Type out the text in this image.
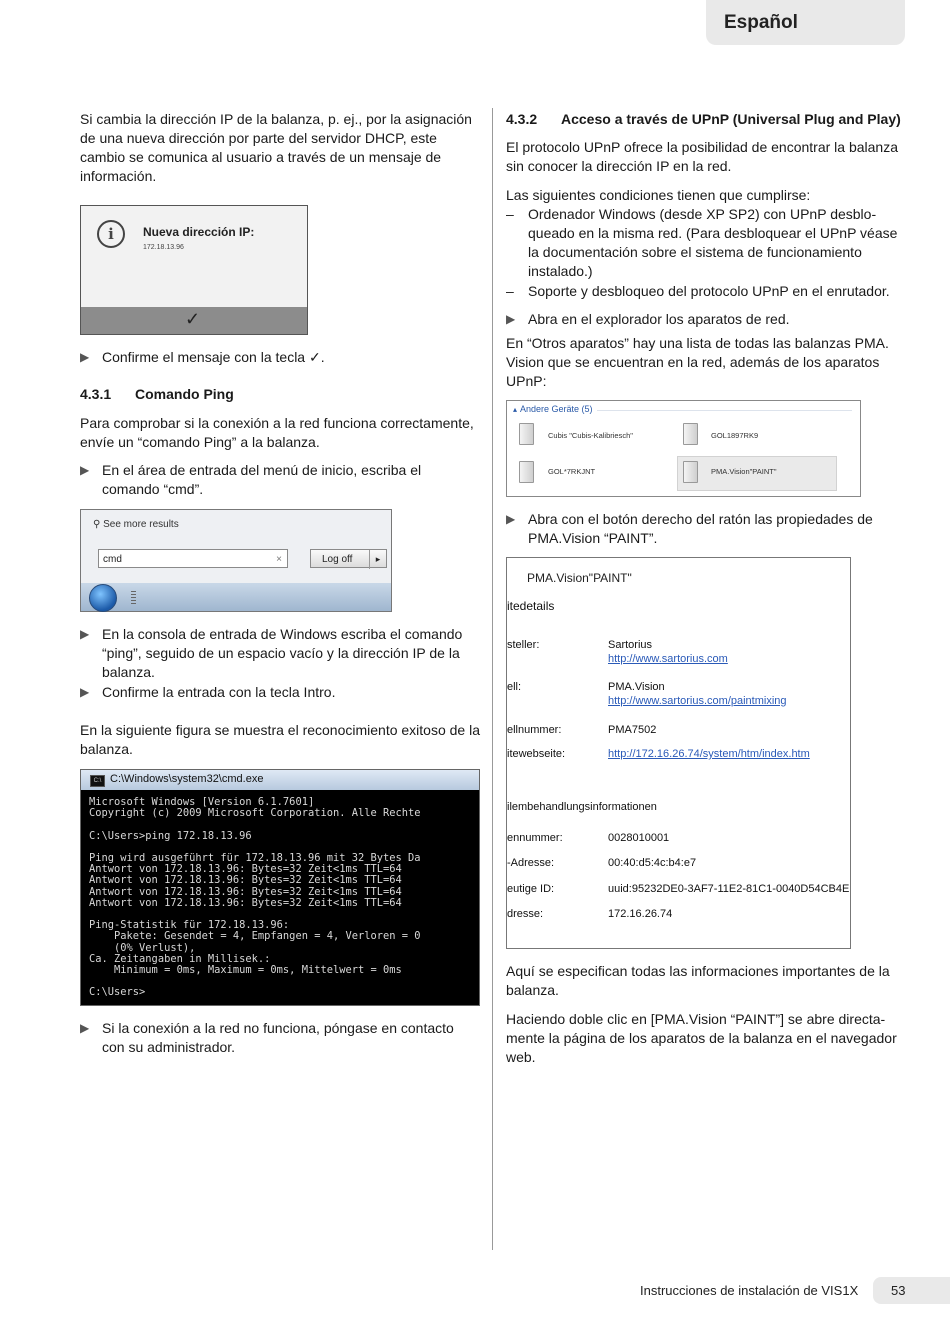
Español
Si cambia la dirección IP de la balanza, p. ej., por la asignación de una nueva dirección por parte del servidor DHCP, este cambio se comunica al usuario a través de un mensaje de información.
i	Nueva dirección IP:
172.18.13.96
✓
▶ Confirme el mensaje con la tecla ✓.
4.3.1 Comando Ping
Para comprobar si la conexión a la red funciona correctamente, envíe un “comando Ping” a la balanza.
▶ En el área de entrada del menú de inicio, escriba el
comando “cmd”.
⚲ See more results
cmd	×	Log off	▸
▶ En la consola de entrada de Windows escriba el comando
“ping”, seguido de un espacio vacío y la dirección IP de la
balanza.
▶ Confirme la entrada con la tecla Intro.
En la siguiente figura se muestra el reconocimiento exitoso de la balanza.
C:\ C:\Windows\system32\cmd.exe
Microsoft Windows [Version 6.1.7601]
Copyright (c) 2009 Microsoft Corporation. Alle Rechte

C:\Users>ping 172.18.13.96

Ping wird ausgeführt für 172.18.13.96 mit 32 Bytes Da
Antwort von 172.18.13.96: Bytes=32 Zeit<1ms TTL=64
Antwort von 172.18.13.96: Bytes=32 Zeit<1ms TTL=64
Antwort von 172.18.13.96: Bytes=32 Zeit<1ms TTL=64
Antwort von 172.18.13.96: Bytes=32 Zeit<1ms TTL=64

Ping-Statistik für 172.18.13.96:
Pakete: Gesendet = 4, Empfangen = 4, Verloren = 0
(0% Verlust),
Ca. Zeitangaben in Millisek.:
Minimum = 0ms, Maximum = 0ms, Mittelwert = 0ms

C:\Users>
▶ Si la conexión a la red no funciona, póngase en contacto
con su administrador.
4.3.2 Acceso a través de UPnP (Universal Plug and Play)
El protocolo UPnP ofrece la posibilidad de encontrar la balanza sin conocer la dirección IP en la red.
Las siguientes condiciones tienen que cumplirse:
– Ordenador Windows (desde XP SP2) con UPnP desblo-
queado en la misma red. (Para desbloquear el UPnP véase
la documentación sobre el sistema de funcionamiento
instalado.)
– Soporte y desbloqueo del protocolo UPnP en el enrutador.
▶ Abra en el explorador los aparatos de red.
En “Otros aparatos” hay una lista de todas las balanzas PMA. Vision que se encuentran en la red, además de los aparatos UPnP:
▴ Andere Geräte (5)
Cubis "Cubis-Kalibriesch"	GOL1897RK9
GOL*7RKJNT	PMA.Vision"PAINT"
▶ Abra con el botón derecho del ratón las propiedades de
PMA.Vision “PAINT”.
PMA.Vision"PAINT"
itedetails
steller:	Sartorius
http://www.sartorius.com
ell:	PMA.Vision
http://www.sartorius.com/paintmixing
ellnummer:	PMA7502
itewebseite:	http://172.16.26.74/system/htm/index.htm
ilembehandlungsinformationen
ennummer:	0028010001
-Adresse:	00:40:d5:4c:b4:e7
eutige ID:	uuid:95232DE0-3AF7-11E2-81C1-0040D54CB4E
dresse:	172.16.26.74
Aquí se especifican todas las informaciones importantes de la balanza.
Haciendo doble clic en [PMA.Vision “PAINT”] se abre directa- mente la página de los aparatos de la balanza en el navegador web.
Instrucciones de instalación de VIS1X	53
